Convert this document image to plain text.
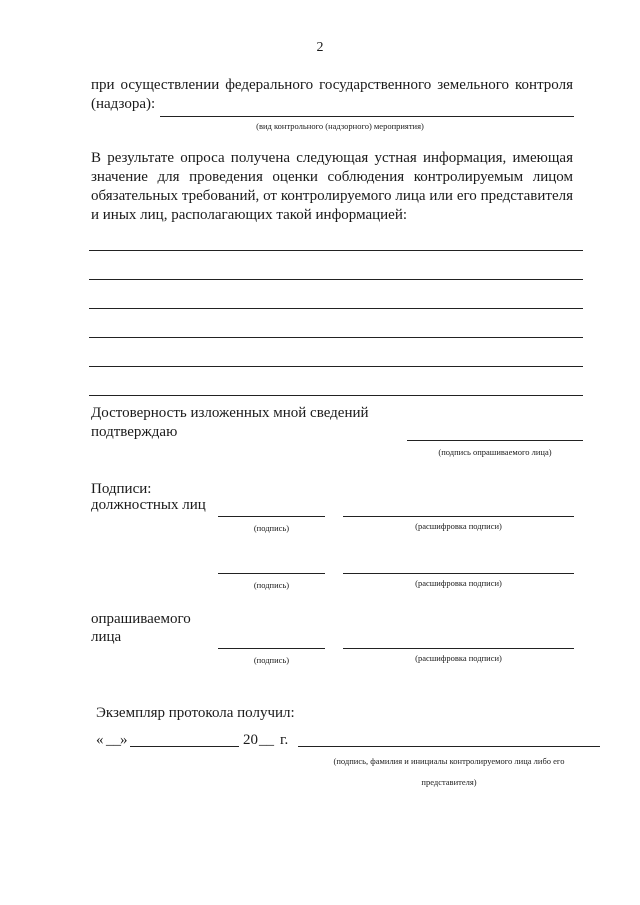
2
при осуществлении федерального государственного земельного контроля
(надзора):
(вид контрольного (надзорного) мероприятия)
В результате опроса получена следующая устная информация, имеющая
значение для проведения оценки соблюдения контролируемым лицом
обязательных требований, от контролируемого лица или его представителя
и иных лиц, располагающих такой информацией:
Достоверность изложенных мной сведений
подтверждаю
(подпись опрашиваемого лица)
Подписи:
должностных лиц
(подпись)	(расшифровка подписи)
(подпись)	(расшифровка подписи)
опрашиваемого
лица
(подпись)	(расшифровка подписи)
Экземпляр протокола получил:
« __ »	20 __ г.
(подпись, фамилия и инициалы контролируемого лица либо его
представителя)
